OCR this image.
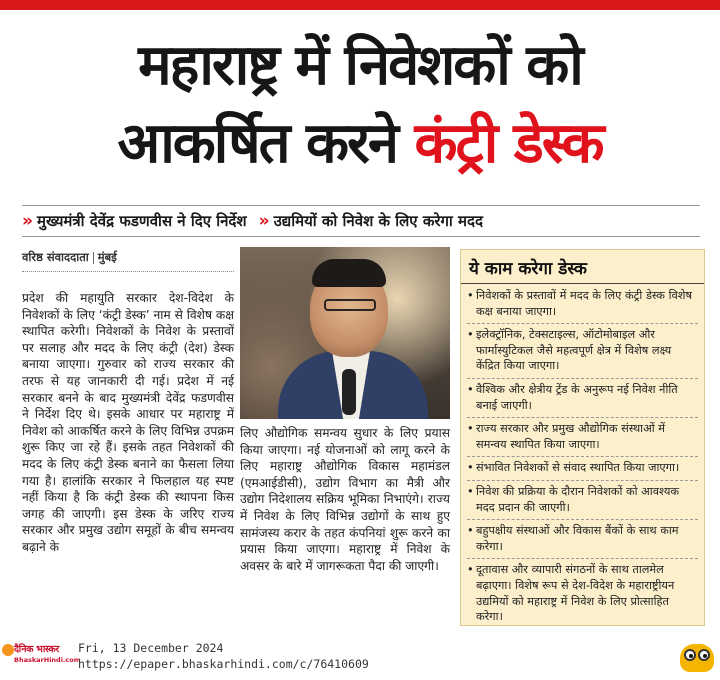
महाराष्ट्र में निवेशकों को
आकर्षित करने कंट्री डेस्क
» मुख्यमंत्री देवेंद्र फडणवीस ने दिए निर्देश » उद्यमियों को निवेश के लिए करेगा मदद
वरिष्ठ संवाददाता मुंबई
प्रदेश की महायुति सरकार देश-विदेश के निवेशकों के लिए ‘कंट्री डेस्क’ नाम से विशेष कक्ष स्थापित करेगी। निवेशकों के निवेश के प्रस्तावों पर सलाह और मदद के लिए कंट्री (देश) डेस्क बनाया जाएगा। गुरुवार को राज्य सरकार की तरफ से यह जानकारी दी गई। प्रदेश में नई सरकार बनने के बाद मुख्यमंत्री देवेंद्र फडणवीस ने निर्देश दिए थे। इसके आधार पर महाराष्ट्र में निवेश को आकर्षित करने के लिए विभिन्न उपक्रम शुरू किए जा रहे हैं। इसके तहत निवेशकों की मदद के लिए कंट्री डेस्क बनाने का फैसला लिया गया है। हालांकि सरकार ने फिलहाल यह स्पष्ट नहीं किया है कि कंट्री डेस्क की स्थापना किस जगह की जाएगी। इस डेस्क के जरिए राज्य सरकार और प्रमुख उद्योग समूहों के बीच समन्वय बढ़ाने के
लिए औद्योगिक समन्वय सुधार के लिए प्रयास किया जाएगा। नई योजनाओं को लागू करने के लिए महाराष्ट्र औद्योगिक विकास महामंडल (एमआईडीसी), उद्योग विभाग का मैत्री और उद्योग निदेशालय सक्रिय भूमिका निभाएंगे। राज्य में निवेश के लिए विभिन्न उद्योगों के साथ हुए सामंजस्य करार के तहत कंपनियां शुरू करने का प्रयास किया जाएगा। महाराष्ट्र में निवेश के अवसर के बारे में जागरूकता पैदा की जाएगी।
ये काम करेगा डेस्क
• निवेशकों के प्रस्तावों में मदद के लिए कंट्री डेस्क विशेष कक्ष बनाया जाएगा।
• इलेक्ट्रॉनिक, टेक्सटाइल्स, ऑटोमोबाइल और फार्मास्युटिकल जैसे महत्वपूर्ण क्षेत्र में विशेष लक्ष्य केंद्रित किया जाएगा।
• वैश्विक और क्षेत्रीय ट्रेंड के अनुरूप नई निवेश नीति बनाई जाएगी।
• राज्य सरकार और प्रमुख औद्योगिक संस्थाओं में समन्वय स्थापित किया जाएगा।
• संभावित निवेशकों से संवाद स्थापित किया जाएगा।
• निवेश की प्रक्रिया के दौरान निवेशकों को आवश्यक मदद प्रदान की जाएगी।
• बहुपक्षीय संस्थाओं और विकास बैंकों के साथ काम करेगा।
• दूतावास और व्यापारी संगठनों के साथ तालमेल बढ़ाएगा। विशेष रूप से देश-विदेश के महाराष्ट्रीयन उद्यमियों को महाराष्ट्र में निवेश के लिए प्रोत्साहित करेगा।
दैनिक भास्कर
BhaskarHindi.com
Fri, 13 December 2024
https://epaper.bhaskarhindi.com/c/76410609
